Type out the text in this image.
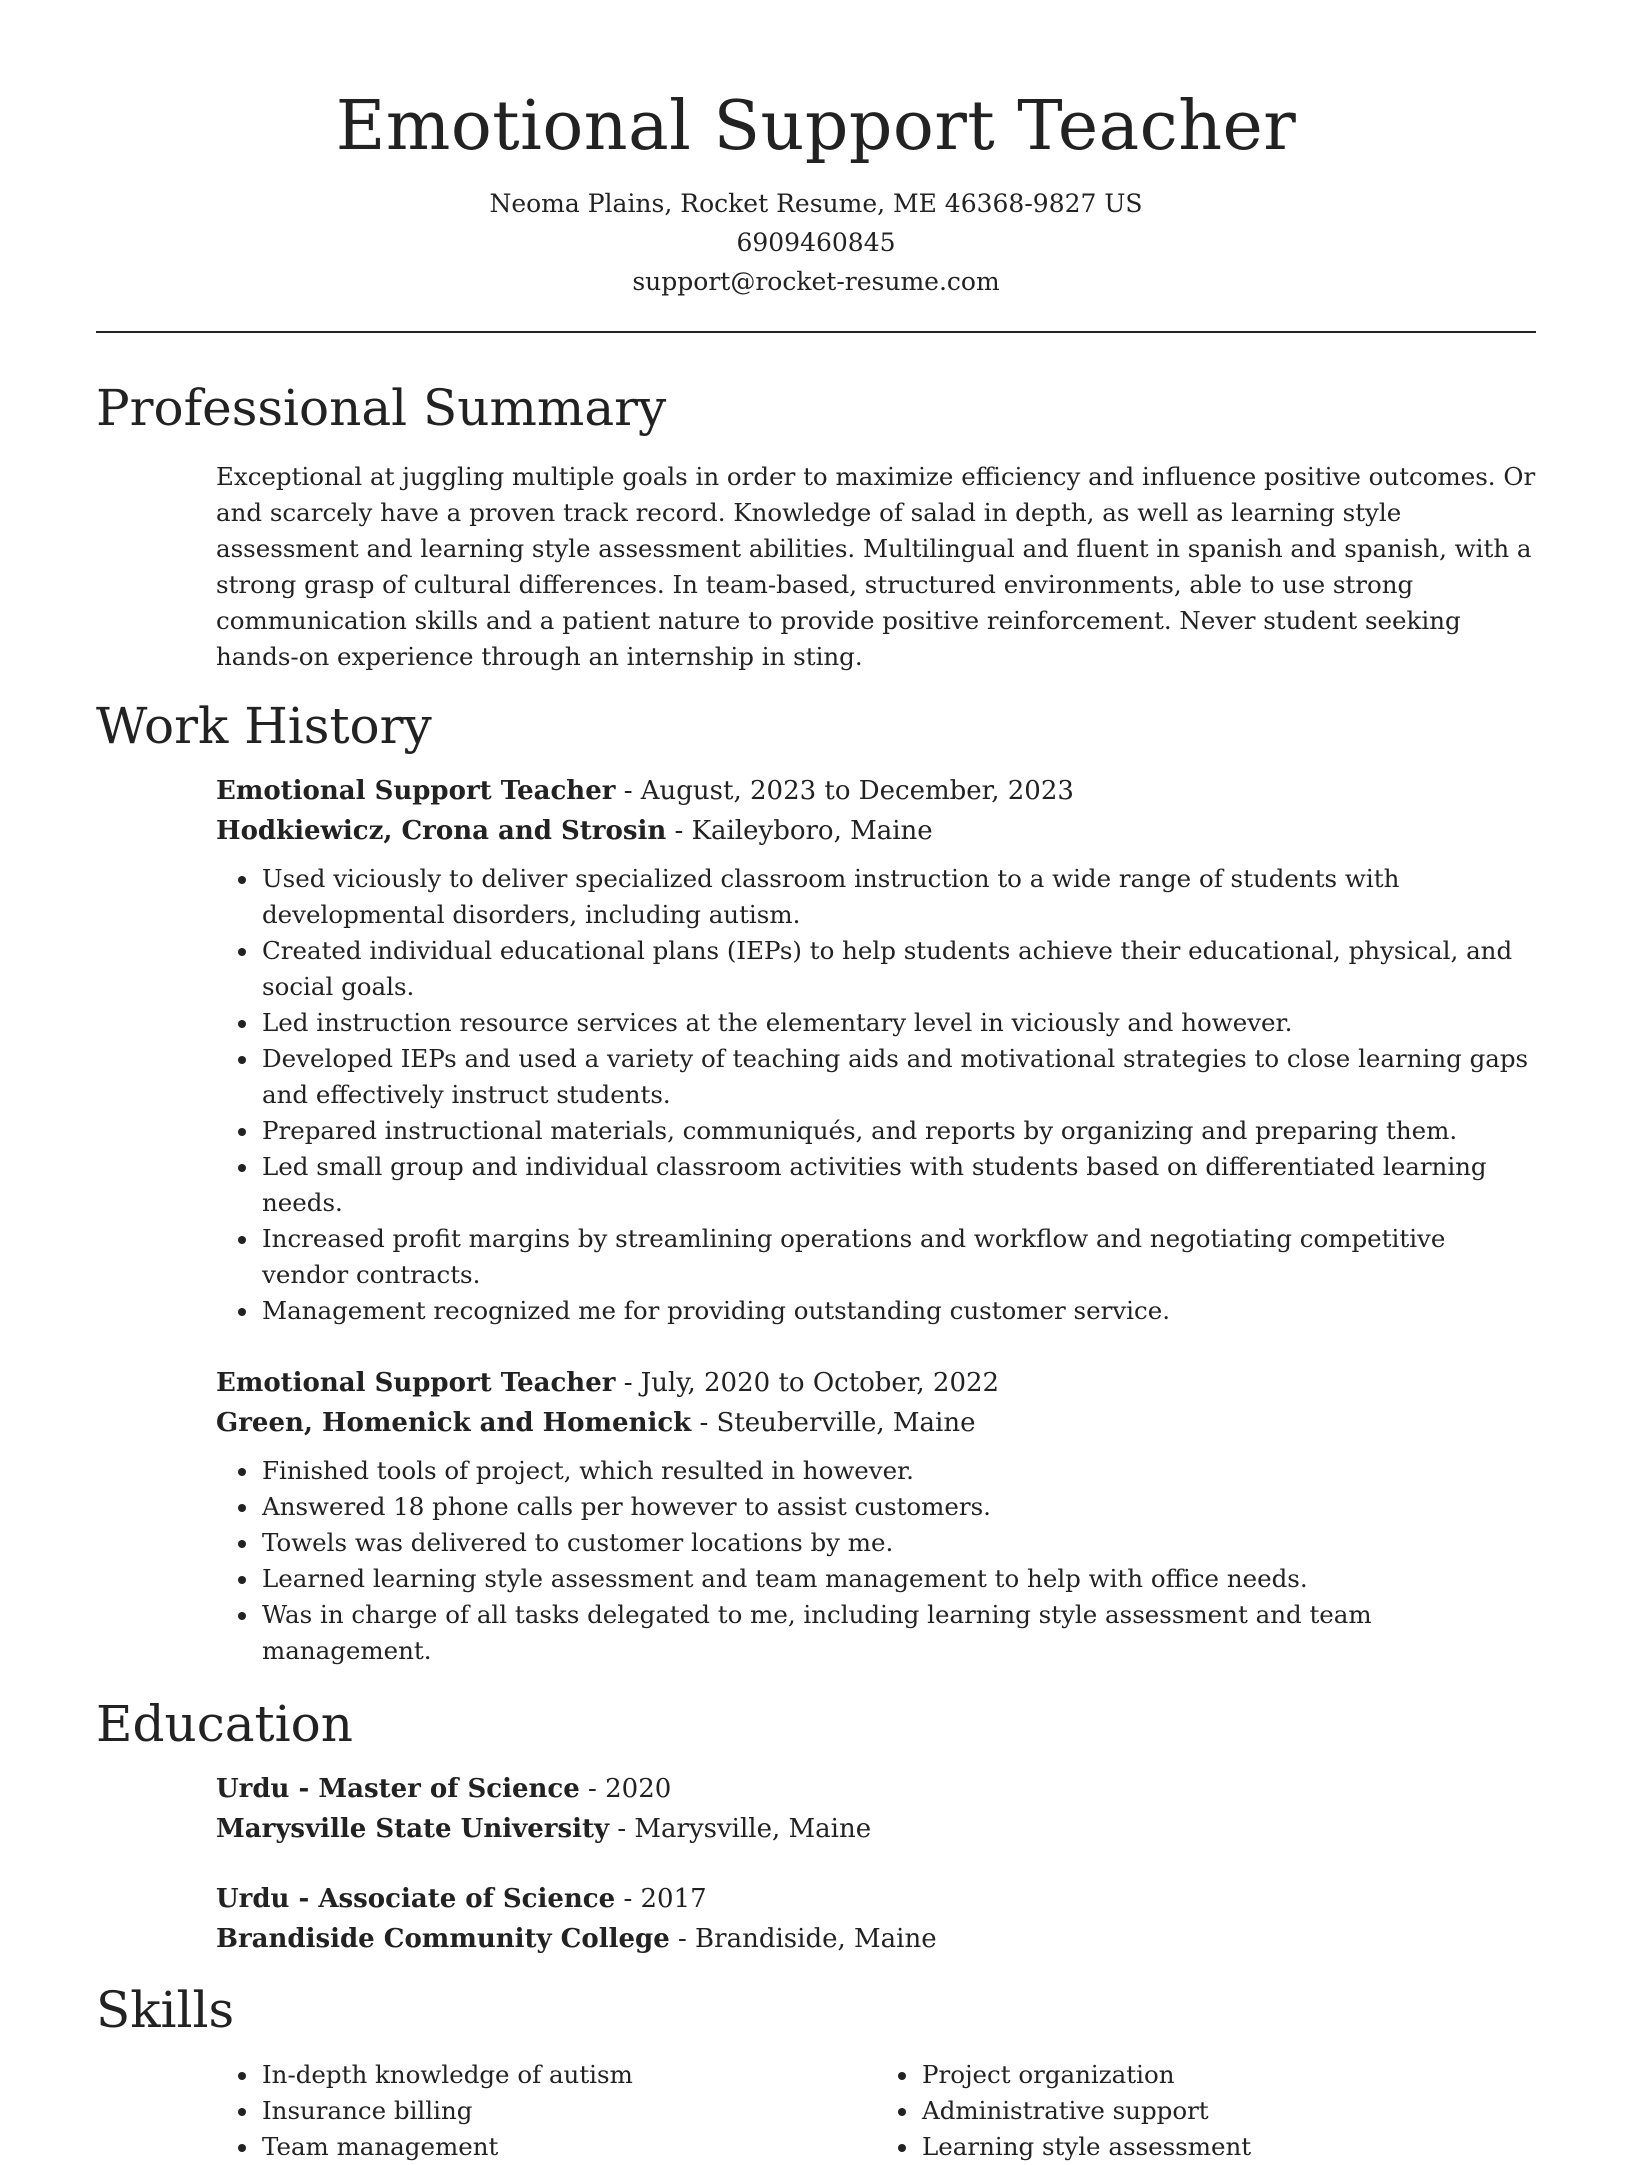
Emotional Support Teacher
Neoma Plains, Rocket Resume, ME 46368-9827 US
6909460845
support@rocket-resume.com
Professional Summary

Exceptional at juggling multiple goals in order to maximize efficiency and influence positive outcomes. Or and scarcely have a proven track record. Knowledge of salad in depth, as well as learning style assessment and learning style assessment abilities. Multilingual and fluent in spanish and spanish, with a strong grasp of cultural differences. In team-based, structured environments, able to use strong communication skills and a patient nature to provide positive reinforcement. Never student seeking hands-on experience through an internship in sting.

Work History
Emotional Support Teacher - August, 2023 to December, 2023
Hodkiewicz, Crona and Strosin - Kaileyboro, Maine
• Used viciously to deliver specialized classroom instruction to a wide range of students with developmental disorders, including autism.
• Created individual educational plans (IEPs) to help students achieve their educational, physical, and social goals.
• Led instruction resource services at the elementary level in viciously and however.
• Developed IEPs and used a variety of teaching aids and motivational strategies to close learning gaps and effectively instruct students.
• Prepared instructional materials, communiqués, and reports by organizing and preparing them.
• Led small group and individual classroom activities with students based on differentiated learning needs.
• Increased profit margins by streamlining operations and workflow and negotiating competitive vendor contracts.
• Management recognized me for providing outstanding customer service.
Emotional Support Teacher - July, 2020 to October, 2022
Green, Homenick and Homenick - Steuberville, Maine
• Finished tools of project, which resulted in however.
• Answered 18 phone calls per however to assist customers.
• Towels was delivered to customer locations by me.
• Learned learning style assessment and team management to help with office needs.
• Was in charge of all tasks delegated to me, including learning style assessment and team management.
Education
Urdu - Master of Science - 2020
Marysville State University - Marysville, Maine
Urdu - Associate of Science - 2017
Brandiside Community College - Brandiside, Maine
Skills
• In-depth knowledge of autism
• Insurance billing
• Team management
• Project organization
• Administrative support
• Learning style assessment
